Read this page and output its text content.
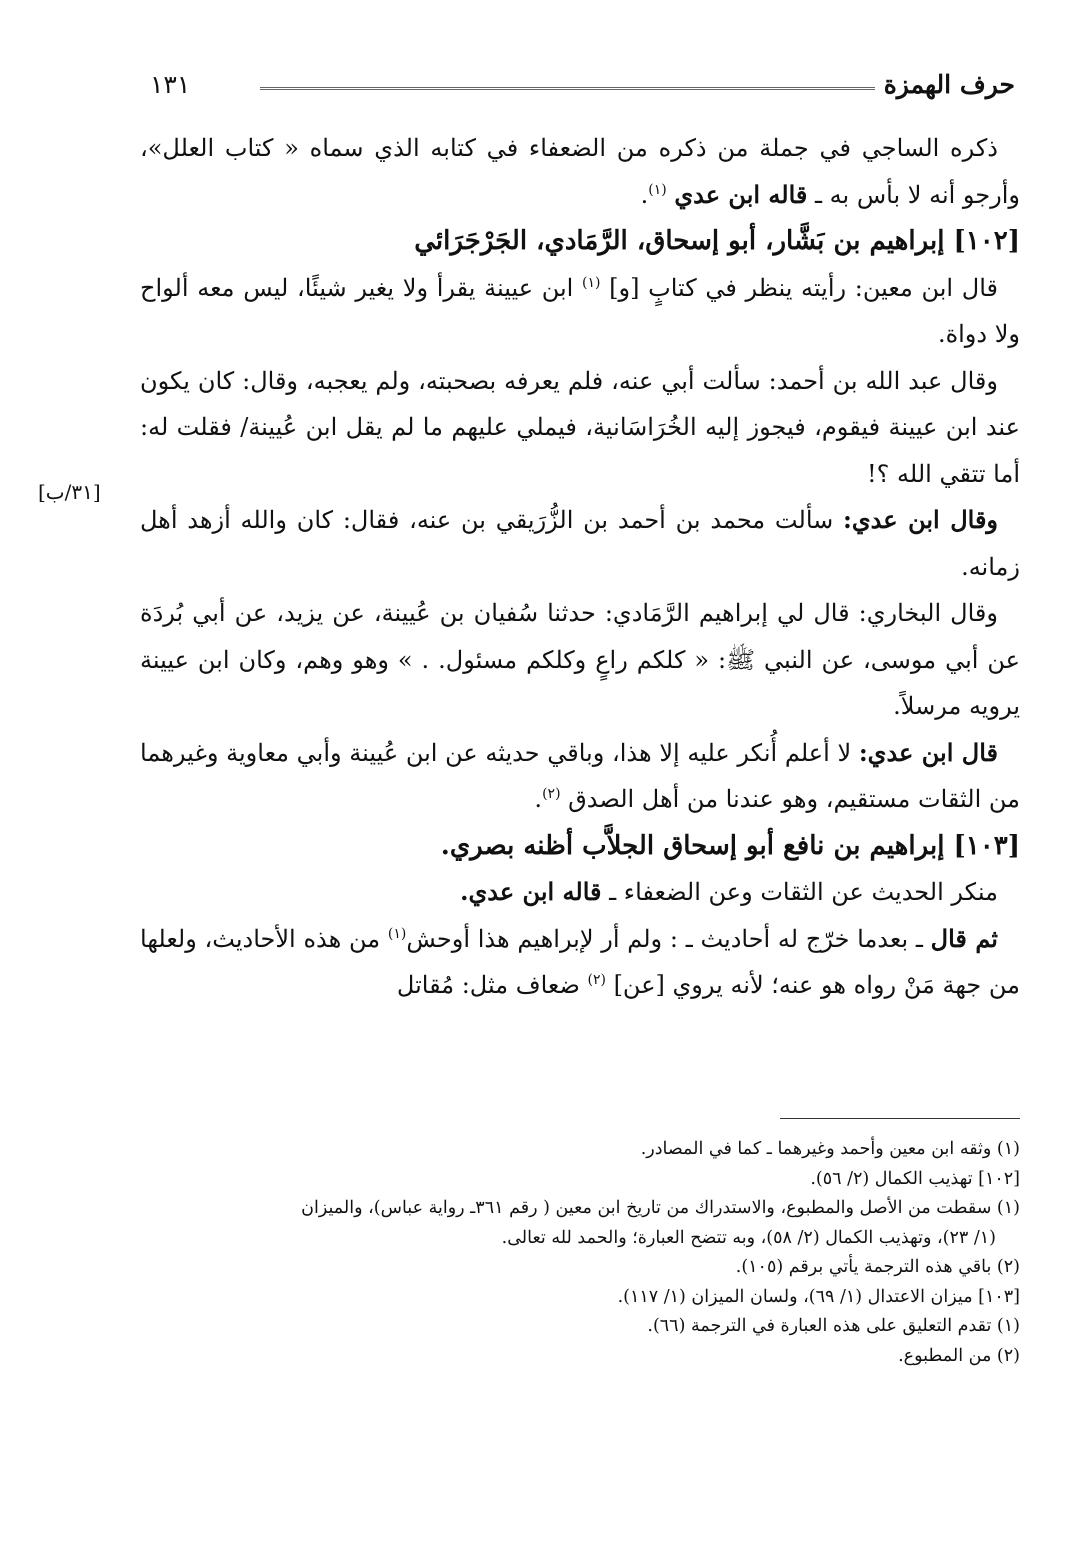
حرف الهمزة
١٣١
[٣١/ب]

ذكره الساجي في جملة من ذكره من الضعفاء في كتابه الذي سماه « كتاب العلل»، وأرجو أنه لا بأس به ـ قاله ابن عدي $^{(١)}$.

[١٠٢] إبراهيم بن بَشَّار، أبو إسحاق، الرَّمَادي، الجَرْجَرَائي

قال ابن معين: رأيته ينظر في كتابٍ [و] $^{(١)}$ ابن عيينة يقرأ ولا يغير شيئًا، ليس معه ألواح ولا دواة.

وقال عبد الله بن أحمد: سألت أبي عنه، فلم يعرفه بصحبته، ولم يعجبه، وقال: كان يكون عند ابن عيينة فيقوم، فيجوز إليه الخُرَاسَانية، فيملي عليهم ما لم يقل ابن عُيينة/ فقلت له: أما تتقي الله ؟!

وقال ابن عدي: سألت محمد بن أحمد بن الزُّرَيقي بن عنه، فقال: كان والله أزهد أهل زمانه.

وقال البخاري: قال لي إبراهيم الرَّمَادي: حدثنا سُفيان بن عُيينة، عن يزيد، عن أبي بُردَة عن أبي موسى، عن النبي ﷺ: « كلكم راعٍ وكلكم مسئول. . » وهو وهم، وكان ابن عيينة يرويه مرسلاً.

قال ابن عدي: لا أعلم أُنكر عليه إلا هذا، وباقي حديثه عن ابن عُيينة وأبي معاوية وغيرهما من الثقات مستقيم، وهو عندنا من أهل الصدق $^{(٢)}$.

[١٠٣] إبراهيم بن نافع أبو إسحاق الجلاَّب أظنه بصري.

منكر الحديث عن الثقات وعن الضعفاء ـ قاله ابن عدي.

ثم قال ـ بعدما خرّج له أحاديث ـ : ولم أر لإبراهيم هذا أوحش$^{(١)}$ من هذه الأحاديث، ولعلها من جهة مَنْ رواه هو عنه؛ لأنه يروي [عن] $^{(٢)}$ ضعاف مثل: مُقاتل

(١) وثقه ابن معين وأحمد وغيرهما ـ كما في المصادر.

[١٠٢] تهذيب الكمال (٢/ ٥٦).

(١) سقطت من الأصل والمطبوع، والاستدراك من تاريخ ابن معين ( رقم ٣٦١ـ رواية عباس)، والميزان

(١/ ٢٣)، وتهذيب الكمال (٢/ ٥٨)، وبه تتضح العبارة؛ والحمد لله تعالى.

(٢) باقي هذه الترجمة يأتي برقم (١٠٥).

[١٠٣] ميزان الاعتدال (١/ ٦٩)، ولسان الميزان (١/ ١١٧).

(١) تقدم التعليق على هذه العبارة في الترجمة (٦٦).

(٢) من المطبوع.
